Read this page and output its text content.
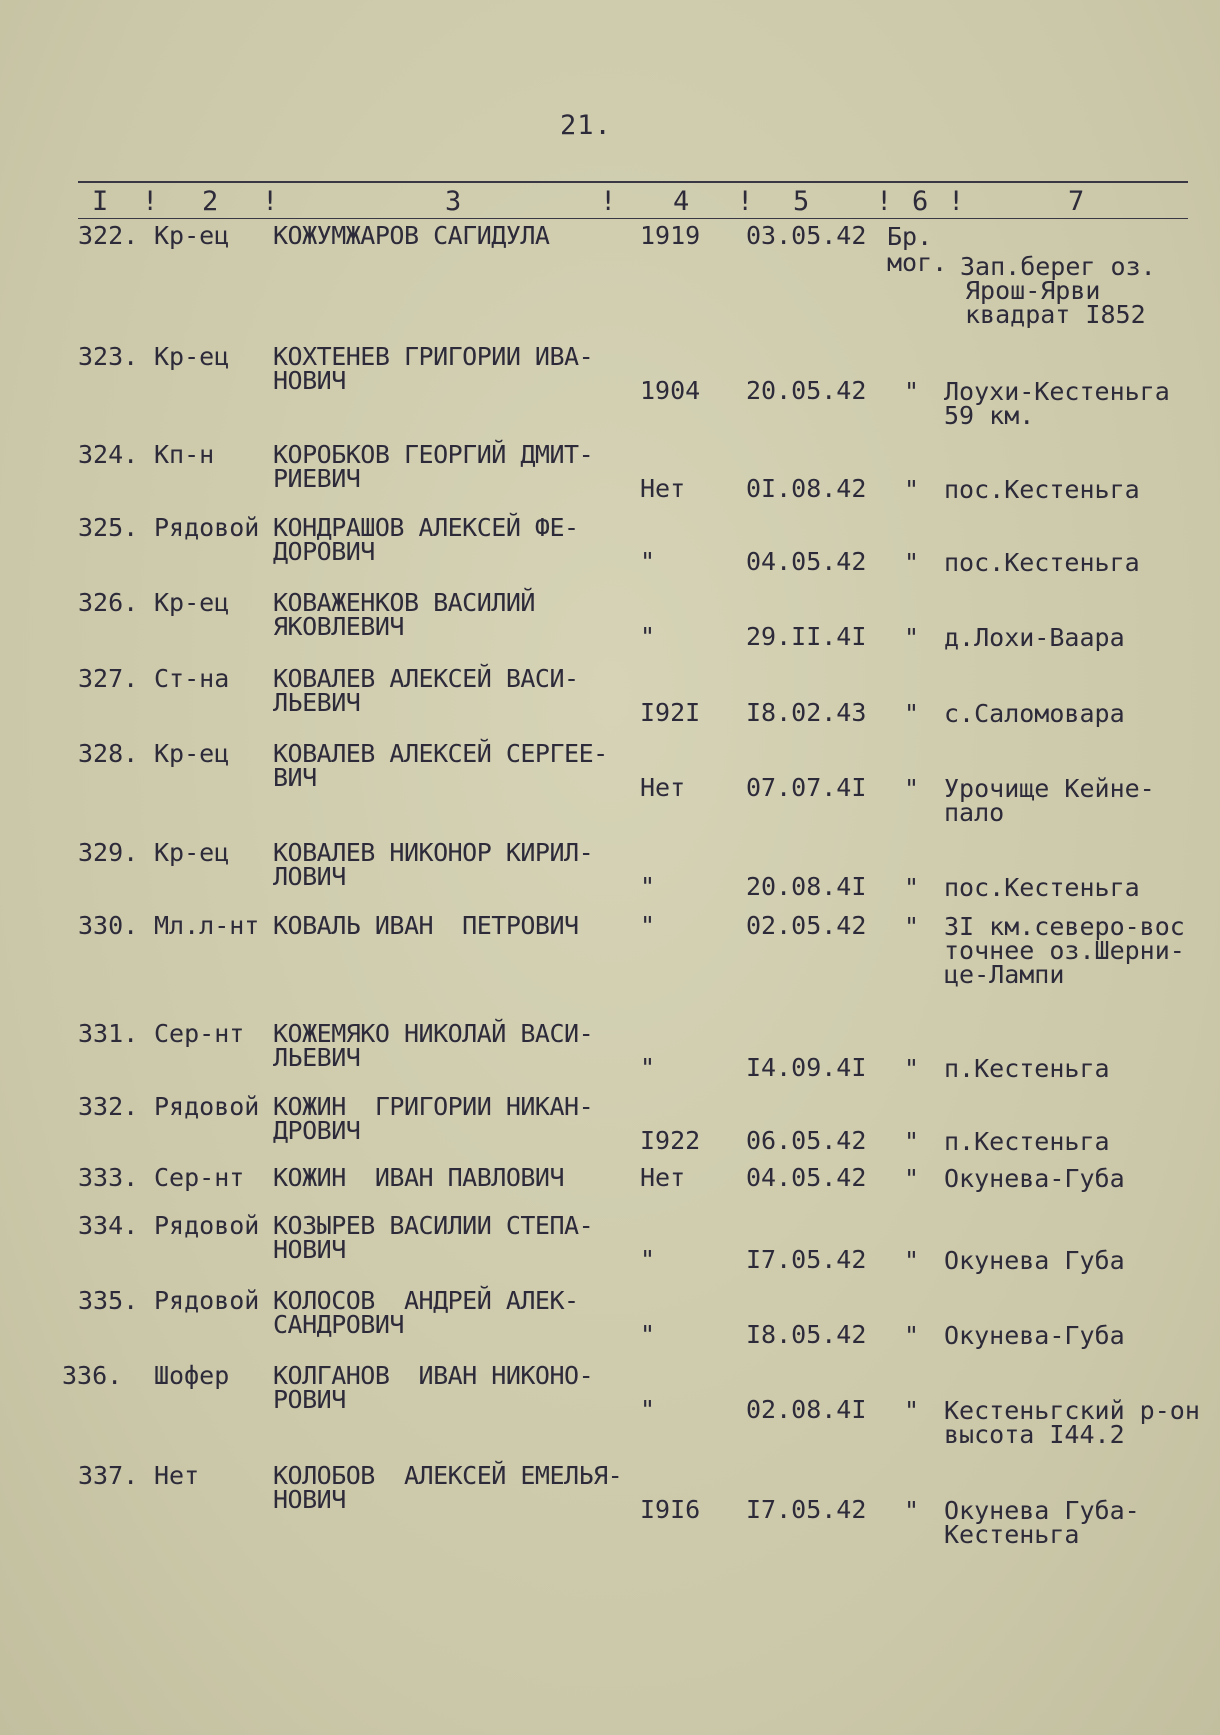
21.
I ! 2 !	3	! 4 ! 5 ! 6 !	7
322. Кр-ец КОЖУМЖАРОВ САГИДУЛА	1919 03.05.42 Бр.
мог. Зап.берег оз.
Ярош-Ярви
квадрат I852
323. Кр-ец КОХТЕНЕВ ГРИГОРИИ ИВА-
НОВИЧ	1904 20.05.42 " Лоухи-Кестеньга
59 км.
324. Кп-н КОРОБКОВ ГЕОРГИЙ ДМИТ-
РИЕВИЧ	Нет 0I.08.42 " пос.Кестеньга
325. Рядовой КОНДРАШОВ АЛЕКСЕЙ ФЕ-
ДОРОВИЧ	"	04.05.42 " пос.Кестеньга
326. Кр-ец КОВАЖЕНКОВ ВАСИЛИЙ
ЯКОВЛЕВИЧ	"	29.II.4I " д.Лохи-Ваара
327. Ст-на КОВАЛЕВ АЛЕКСЕЙ ВАСИ-
ЛЬЕВИЧ	I92I I8.02.43 " с.Саломовара
328. Кр-ец КОВАЛЕВ АЛЕКСЕЙ СЕРГЕЕ-
ВИЧ	Нет 07.07.4I " Урочище Кейне-
пало
329. Кр-ец КОВАЛЕВ НИКОНОР КИРИЛ-
ЛОВИЧ	"	20.08.4I " пос.Кестеньга
330. Мл.л-нт КОВАЛЬ ИВАН  ПЕТРОВИЧ "	02.05.42 " 3I км.северо-вос
точнее оз.Шерни-
це-Лампи
331. Сер-нт КОЖЕМЯКО НИКОЛАЙ ВАСИ-
ЛЬЕВИЧ	"	I4.09.4I " п.Кестеньга
332. Рядовой КОЖИН  ГРИГОРИИ НИКАН-
ДРОВИЧ	I922 06.05.42 " п.Кестеньга
333. Сер-нт КОЖИН  ИВАН ПАВЛОВИЧ	Нет 04.05.42 " Окунева-Губа
334. Рядовой КОЗЫРЕВ ВАСИЛИИ СТЕПА-
НОВИЧ	"	I7.05.42 " Окунева Губа
335. Рядовой КОЛОСОВ  АНДРЕЙ АЛЕК-
САНДРОВИЧ	"	I8.05.42 " Окунева-Губа
336. Шофер КОЛГАНОВ  ИВАН НИКОНО-
РОВИЧ	"	02.08.4I " Кестеньгский р-он
высота I44.2
337. Нет	КОЛОБОВ  АЛЕКСЕЙ ЕМЕЛЬЯ-
НОВИЧ	I9I6 I7.05.42 " Окунева Губа-
Кестеньга
